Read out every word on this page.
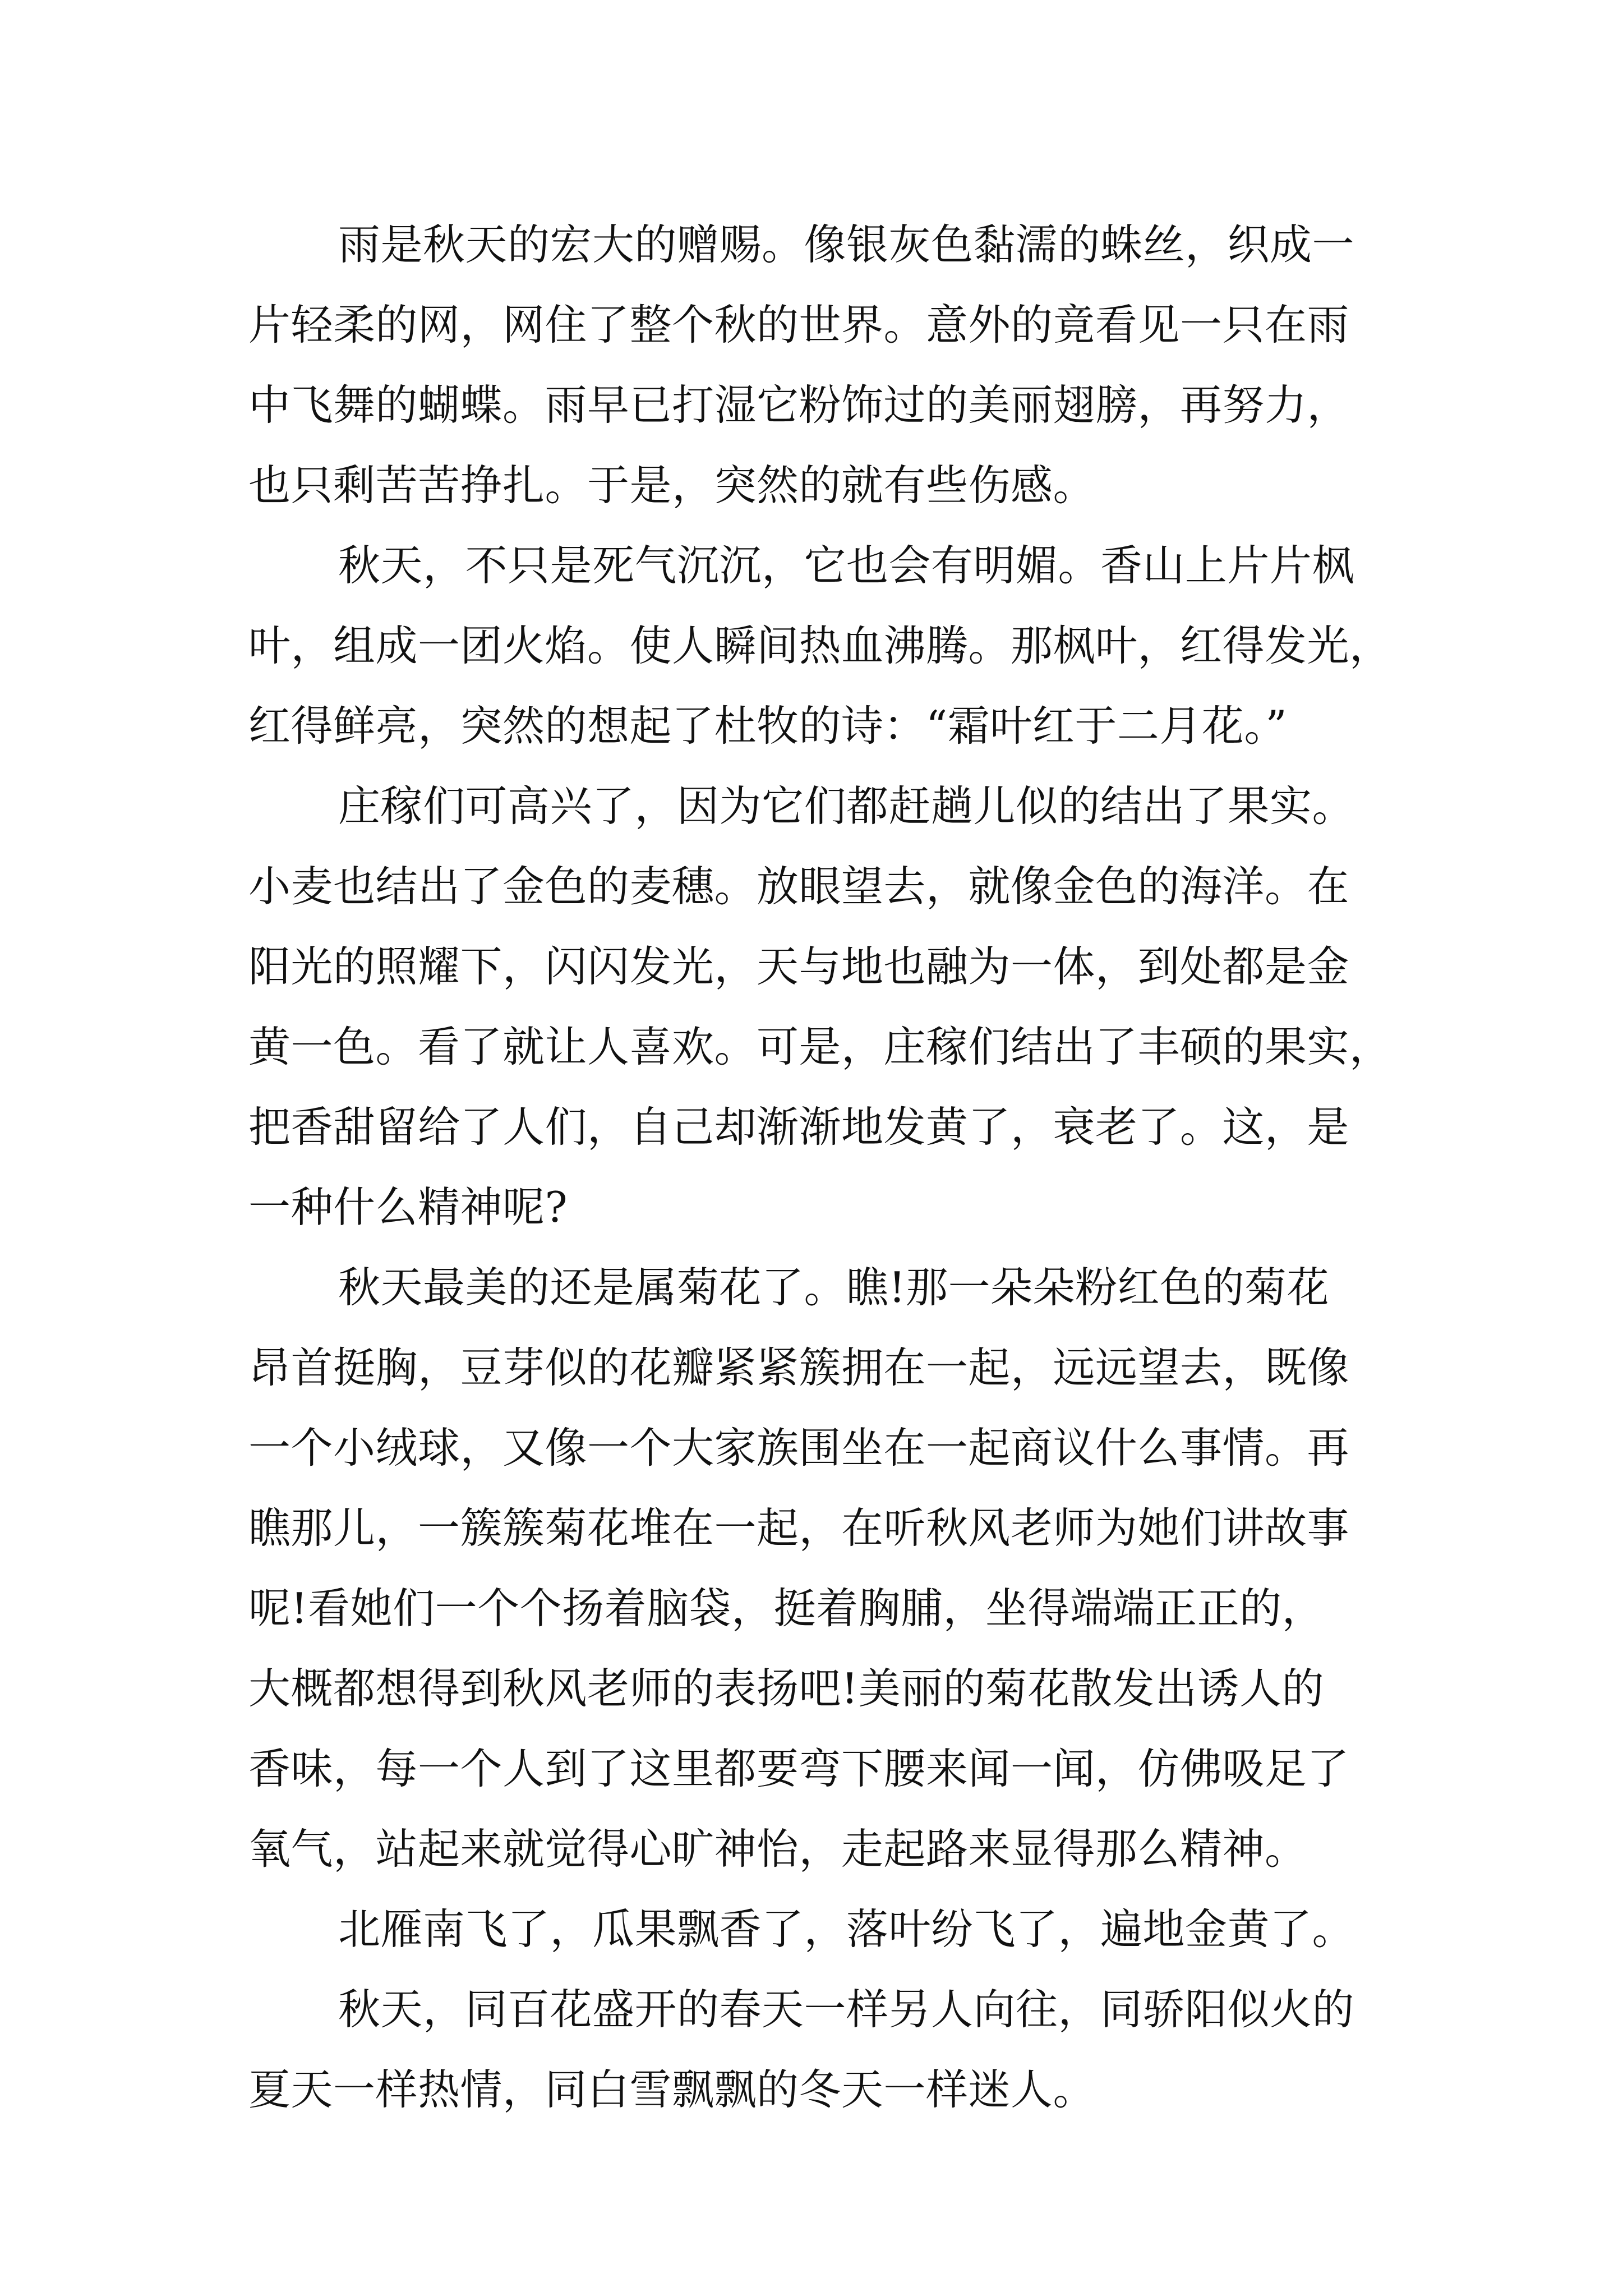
雨是秋天的宏大的赠赐。像银灰色黏濡的蛛丝，织成一
片轻柔的网，网住了整个秋的世界。意外的竟看见一只在雨
中飞舞的蝴蝶。雨早已打湿它粉饰过的美丽翅膀，再努力，
也只剩苦苦挣扎。于是，突然的就有些伤感。
秋天，不只是死气沉沉，它也会有明媚。香山上片片枫
叶，组成一团火焰。使人瞬间热血沸腾。那枫叶，红得发光，
红得鲜亮，突然的想起了杜牧的诗：“霜叶红于二月花。”
庄稼们可高兴了，因为它们都赶趟儿似的结出了果实。
小麦也结出了金色的麦穗。放眼望去，就像金色的海洋。在
阳光的照耀下，闪闪发光，天与地也融为一体，到处都是金
黄一色。看了就让人喜欢。可是，庄稼们结出了丰硕的果实，
把香甜留给了人们，自己却渐渐地发黄了，衰老了。这，是
一种什么精神呢?
秋天最美的还是属菊花了。瞧!那一朵朵粉红色的菊花
昂首挺胸，豆芽似的花瓣紧紧簇拥在一起，远远望去，既像
一个小绒球，又像一个大家族围坐在一起商议什么事情。再
瞧那儿，一簇簇菊花堆在一起，在听秋风老师为她们讲故事
呢!看她们一个个扬着脑袋，挺着胸脯，坐得端端正正的，
大概都想得到秋风老师的表扬吧!美丽的菊花散发出诱人的
香味，每一个人到了这里都要弯下腰来闻一闻，仿佛吸足了
氧气，站起来就觉得心旷神怡，走起路来显得那么精神。
北雁南飞了，瓜果飘香了，落叶纷飞了，遍地金黄了。
秋天，同百花盛开的春天一样另人向往，同骄阳似火的
夏天一样热情，同白雪飘飘的冬天一样迷人。
